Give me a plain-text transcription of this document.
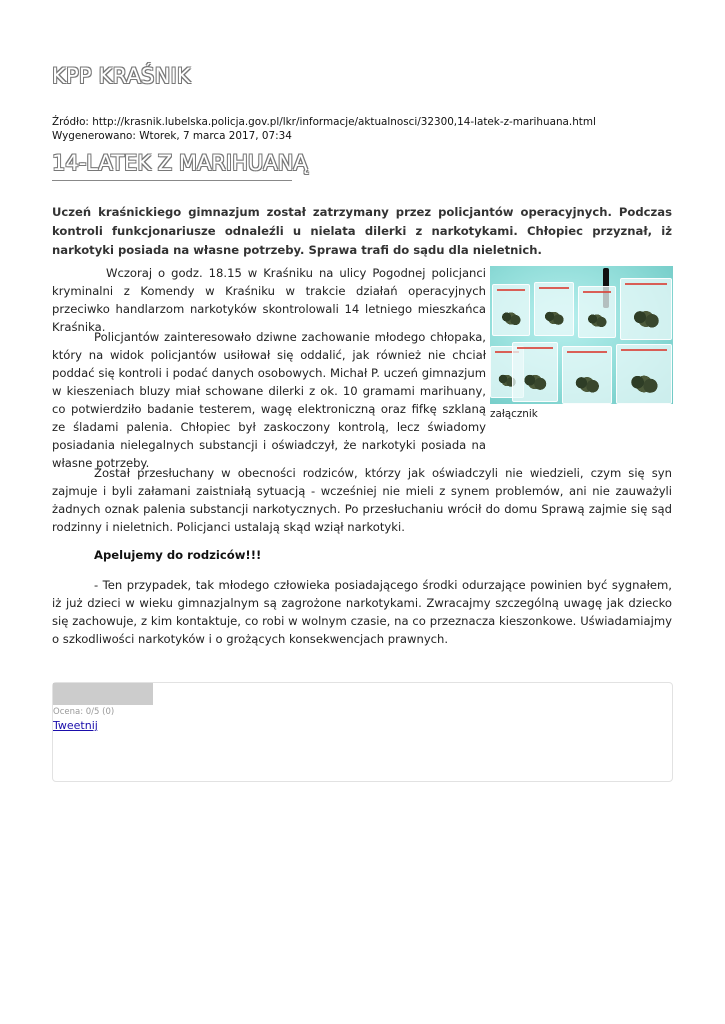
KPP KRAŚNIK
Źródło: http://krasnik.lubelska.policja.gov.pl/lkr/informacje/aktualnosci/32300,14-latek-z-marihuana.html
Wygenerowano: Wtorek, 7 marca 2017, 07:34
14-LATEK Z MARIHUANĄ

Uczeń kraśnickiego gimnazjum został zatrzymany przez policjantów operacyjnych. Podczas kontroli funkcjonariusze odnaleźli u nielata dilerki z narkotykami. Chłopiec przyznał, iż narkotyki posiada na własne potrzeby. Sprawa trafi do sądu dla nieletnich.

załącznik

Wczoraj o godz. 18.15 w Kraśniku na ulicy Pogodnej policjanci kryminalni z Komendy w Kraśniku w trakcie działań operacyjnych przeciwko handlarzom narkotyków skontrolowali 14 letniego mieszkańca Kraśnika.

Policjantów zainteresowało dziwne zachowanie młodego chłopaka, który na widok policjantów usiłował się oddalić, jak również nie chciał poddać się kontroli i podać danych osobowych. Michał P. uczeń gimnazjum w kieszeniach bluzy miał schowane dilerki z ok. 10 gramami marihuany, co potwierdziło badanie testerem, wagę elektroniczną oraz fifkę szklaną ze śladami palenia. Chłopiec był zaskoczony kontrolą, lecz świadomy posiadania nielegalnych substancji i oświadczył, że narkotyki posiada na własne potrzeby.

Został przesłuchany w obecności rodziców, którzy jak oświadczyli nie wiedzieli, czym się syn zajmuje i byli załamani zaistniałą sytuacją - wcześniej nie mieli z synem problemów, ani nie zauważyli żadnych oznak palenia substancji narkotycznych. Po przesłuchaniu wrócił do domu Sprawą zajmie się sąd rodzinny i nieletnich. Policjanci ustalają skąd wziął narkotyki.

Apelujemy do rodziców!!!

- Ten przypadek, tak młodego człowieka posiadającego środki odurzające powinien być sygnałem, iż już dzieci w wieku gimnazjalnym są zagrożone narkotykami. Zwracajmy szczególną uwagę jak dziecko się zachowuje, z kim kontaktuje, co robi w wolnym czasie, na co przeznacza kieszonkowe. Uświadamiajmy o szkodliwości narkotyków i o grożących konsekwencjach prawnych.

Ocena: 0/5 (0)
Tweetnij
